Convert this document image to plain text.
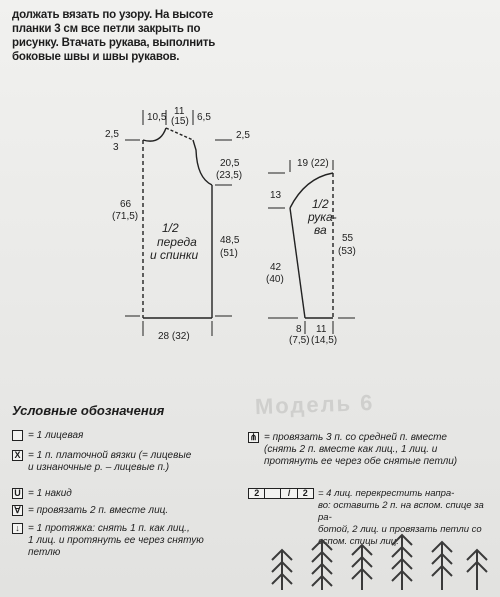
должать вязать по узору. На высоте планки 3 см все петли закрыть по рисунку. Втачать рукава, выполнить боковые швы и швы рукавов.

1/2
переда
и спинки
10,5
11
(15) 6,5
2,5
3
2,5
66
(71,5)
20,5
(23,5)
48,5
(51)
28 (32)
1/2
рука-
ва
19 (22)
13
42
(40)
55
(53)
8
(7,5)
11
(14,5)
Модель 6
Условные обозначения
= 1 лицевая
X = 1 п. платочной вязки (= лицевые
и изнаночные р. – лицевые п.)
U = 1 накид
∀ = провязать 2 п. вместе лиц.
↓ = 1 протяжка: снять 1 п. как лиц.,
1 лиц. и протянуть ее через снятую
петлю
⋔ = провязать 3 п. со средней п. вместе
(снять 2 п. вместе как лиц., 1 лиц. и
протянуть ее через обе снятые петли)
2	/	2	= 4 лиц. перекрестить напра-
во: оставить 2 п. на вспом. спице за ра-
ботой, 2 лиц. и провязать петли со
вспом. спицы лиц.
